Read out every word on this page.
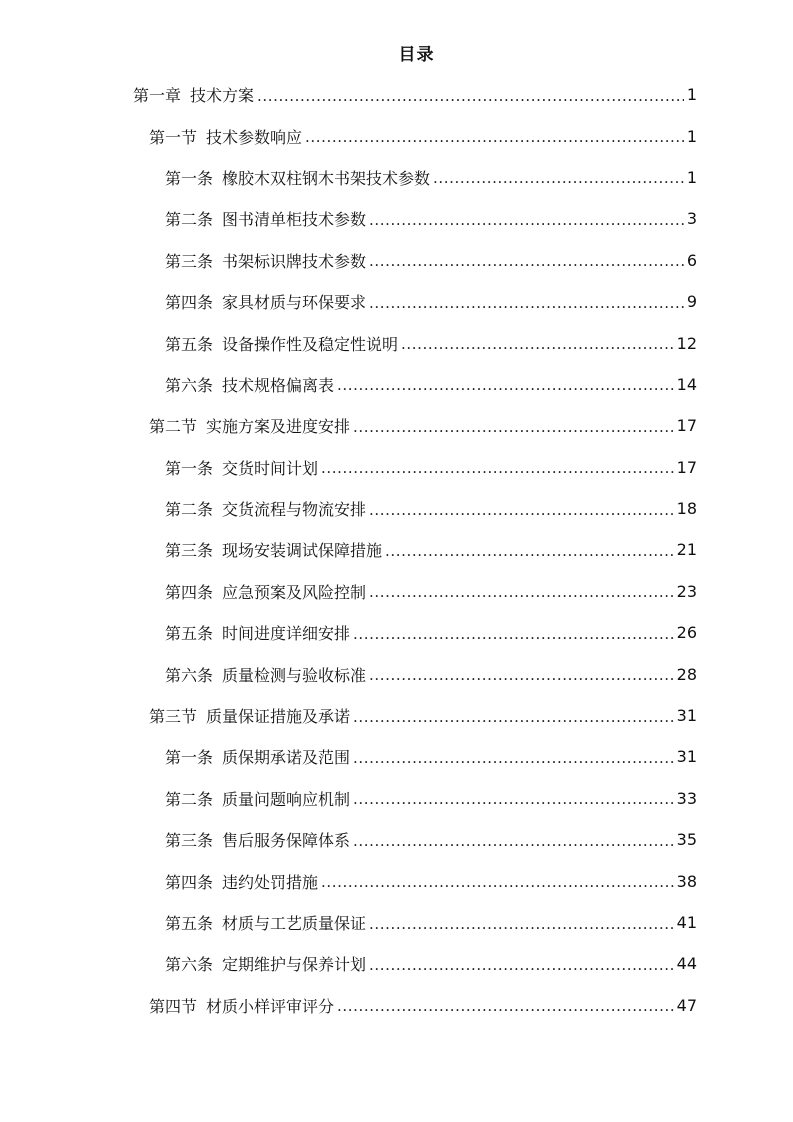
目录
第一章 技术方案 .....	1
第一节 技术参数响应 .....	1
第一条 橡胶木双柱钢木书架技术参数 .....	1
第二条 图书清单柜技术参数 .....	3
第三条 书架标识牌技术参数 .....	6
第四条 家具材质与环保要求 .....	9
第五条 设备操作性及稳定性说明 .....	12
第六条 技术规格偏离表 .....	14
第二节 实施方案及进度安排 .....	17
第一条 交货时间计划 .....	17
第二条 交货流程与物流安排 .....	18
第三条 现场安装调试保障措施 .....	21
第四条 应急预案及风险控制 .....	23
第五条 时间进度详细安排 .....	26
第六条 质量检测与验收标准 .....	28
第三节 质量保证措施及承诺 .....	31
第一条 质保期承诺及范围 .....	31
第二条 质量问题响应机制 .....	33
第三条 售后服务保障体系 .....	35
第四条 违约处罚措施 .....	38
第五条 材质与工艺质量保证 .....	41
第六条 定期维护与保养计划 .....	44
第四节 材质小样评审评分 .....	47
